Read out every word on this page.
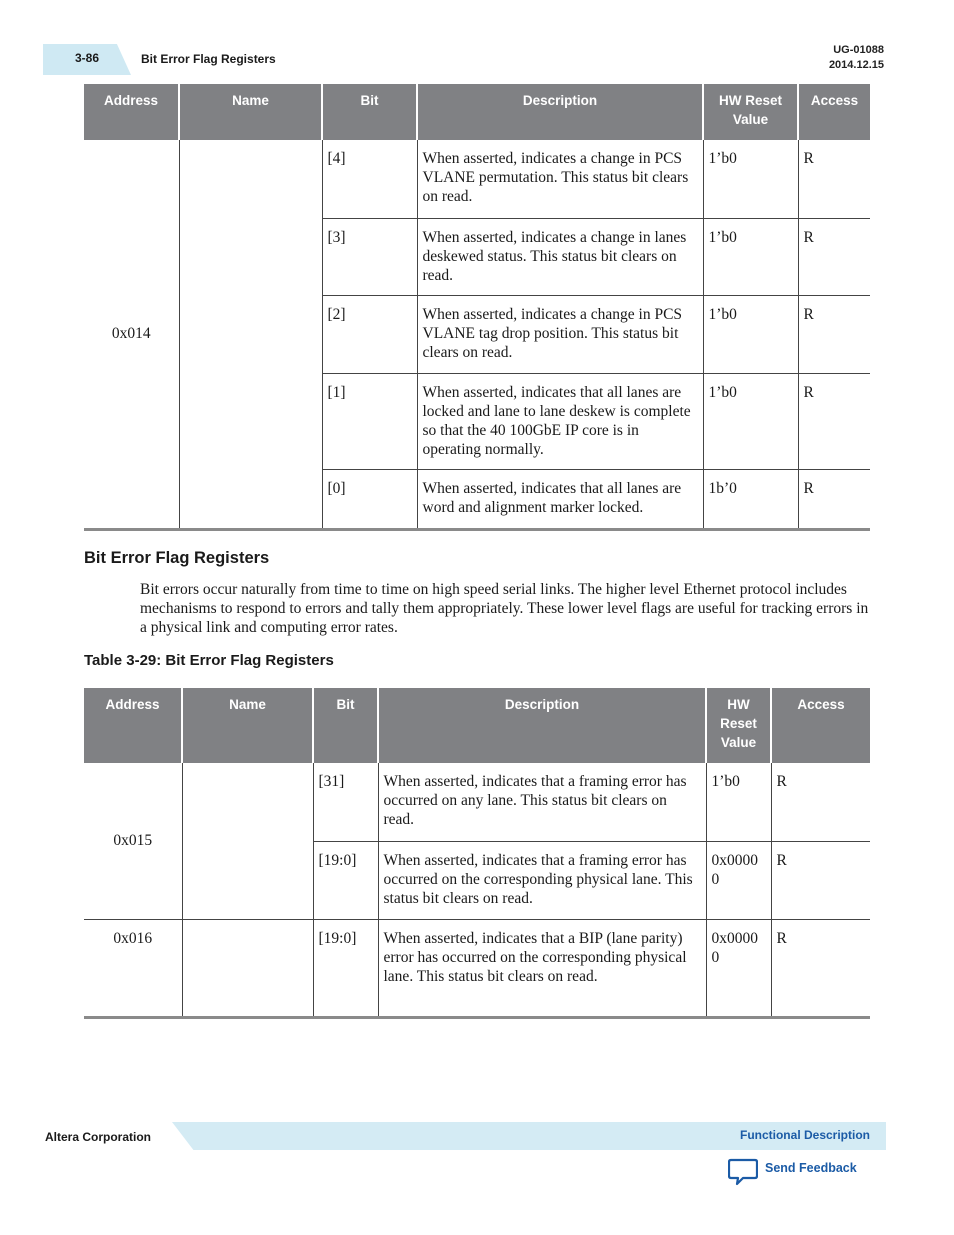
3-86	Bit Error Flag Registers
UG-01088
2014.12.15
Address	Name	Bit	Description	HW Reset Value	Access
0x014		[4]	When asserted, indicates a change in PCS VLANE permutation. This status bit clears on read.	1’b0	R
		[3]	When asserted, indicates a change in lanes deskewed status. This status bit clears on read.	1’b0	R
		[2]	When asserted, indicates a change in PCS VLANE tag drop position. This status bit clears on read.	1’b0	R
		[1]	When asserted, indicates that all lanes are locked and lane to lane deskew is complete so that the 40 100GbE IP core is in operating normally.	1’b0	R
		[0]	When asserted, indicates that all lanes are word and alignment marker locked.	1b’0	R
Bit Error Flag Registers
Bit errors occur naturally from time to time on high speed serial links. The higher level Ethernet protocol includes mechanisms to respond to errors and tally them appropriately. These lower level flags are useful for tracking errors in a physical link and computing error rates.
Table 3-29: Bit Error Flag Registers
Address	Name	Bit	Description	HW Reset Value	Access
0x015		[31]	When asserted, indicates that a framing error has occurred on any lane. This status bit clears on read.	1’b0	R
		[19:0]	When asserted, indicates that a framing error has occurred on the corresponding physical lane. This status bit clears on read.	0x0000 0	R
0x016		[19:0]	When asserted, indicates that a BIP (lane parity) error has occurred on the corresponding physical lane. This status bit clears on read.	0x0000 0	R
Altera Corporation	Functional Description
Send Feedback
